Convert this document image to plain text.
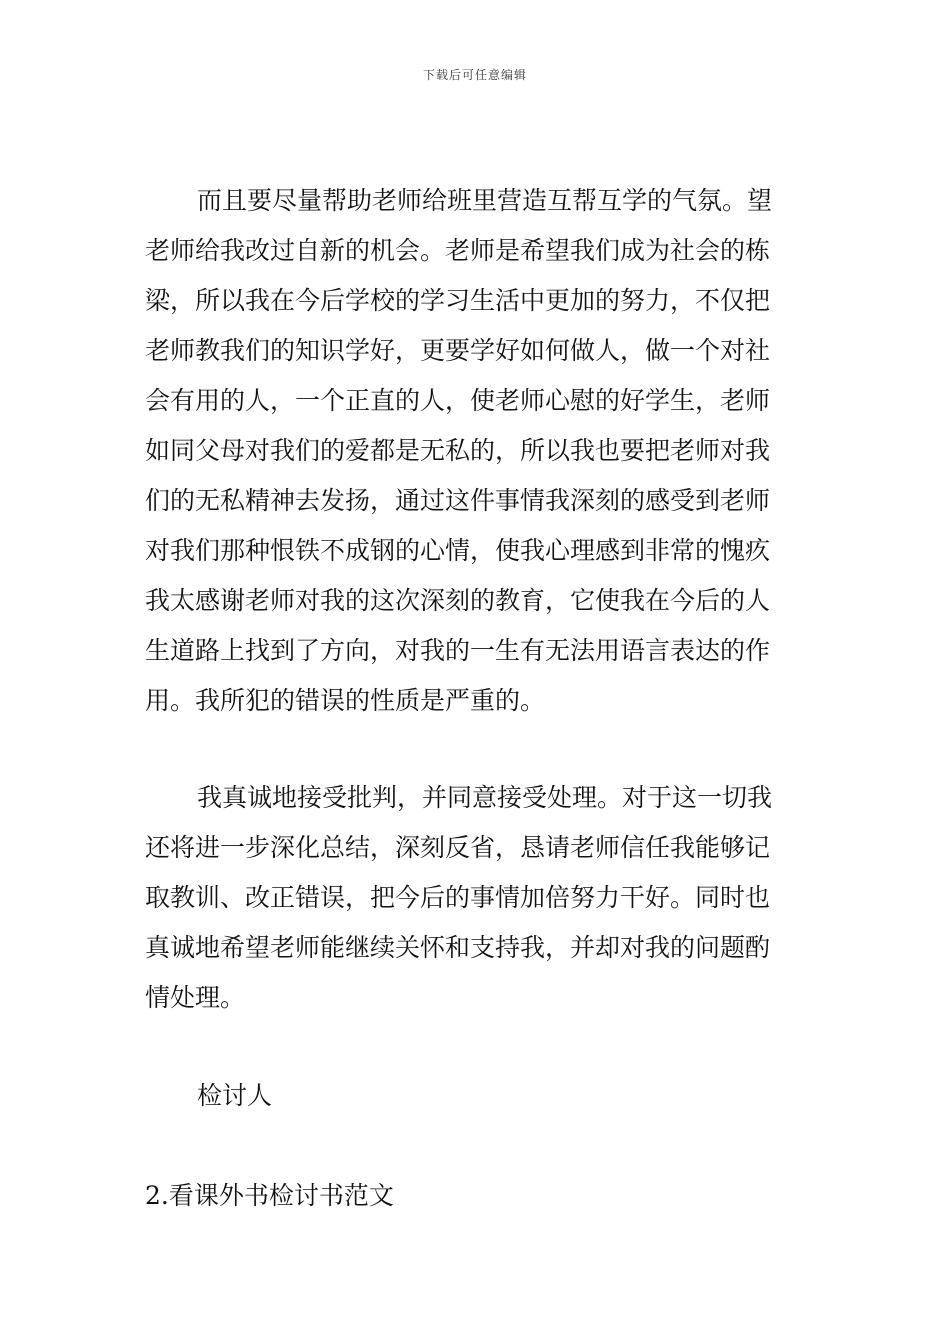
下载后可任意编辑
而且要尽量帮助老师给班里营造互帮互学的气氛。望
老师给我改过自新的机会。老师是希望我们成为社会的栋
梁，所以我在今后学校的学习生活中更加的努力，不仅把
老师教我们的知识学好，更要学好如何做人，做一个对社
会有用的人，一个正直的人，使老师心慰的好学生，老师
如同父母对我们的爱都是无私的，所以我也要把老师对我
们的无私精神去发扬，通过这件事情我深刻的感受到老师
对我们那种恨铁不成钢的心情，使我心理感到非常的愧疚
我太感谢老师对我的这次深刻的教育，它使我在今后的人
生道路上找到了方向，对我的一生有无法用语言表达的作
用。我所犯的错误的性质是严重的。
我真诚地接受批判，并同意接受处理。对于这一切我
还将进一步深化总结，深刻反省，恳请老师信任我能够记
取教训、改正错误，把今后的事情加倍努力干好。同时也
真诚地希望老师能继续关怀和支持我，并却对我的问题酌
情处理。
检讨人
2.看课外书检讨书范文
